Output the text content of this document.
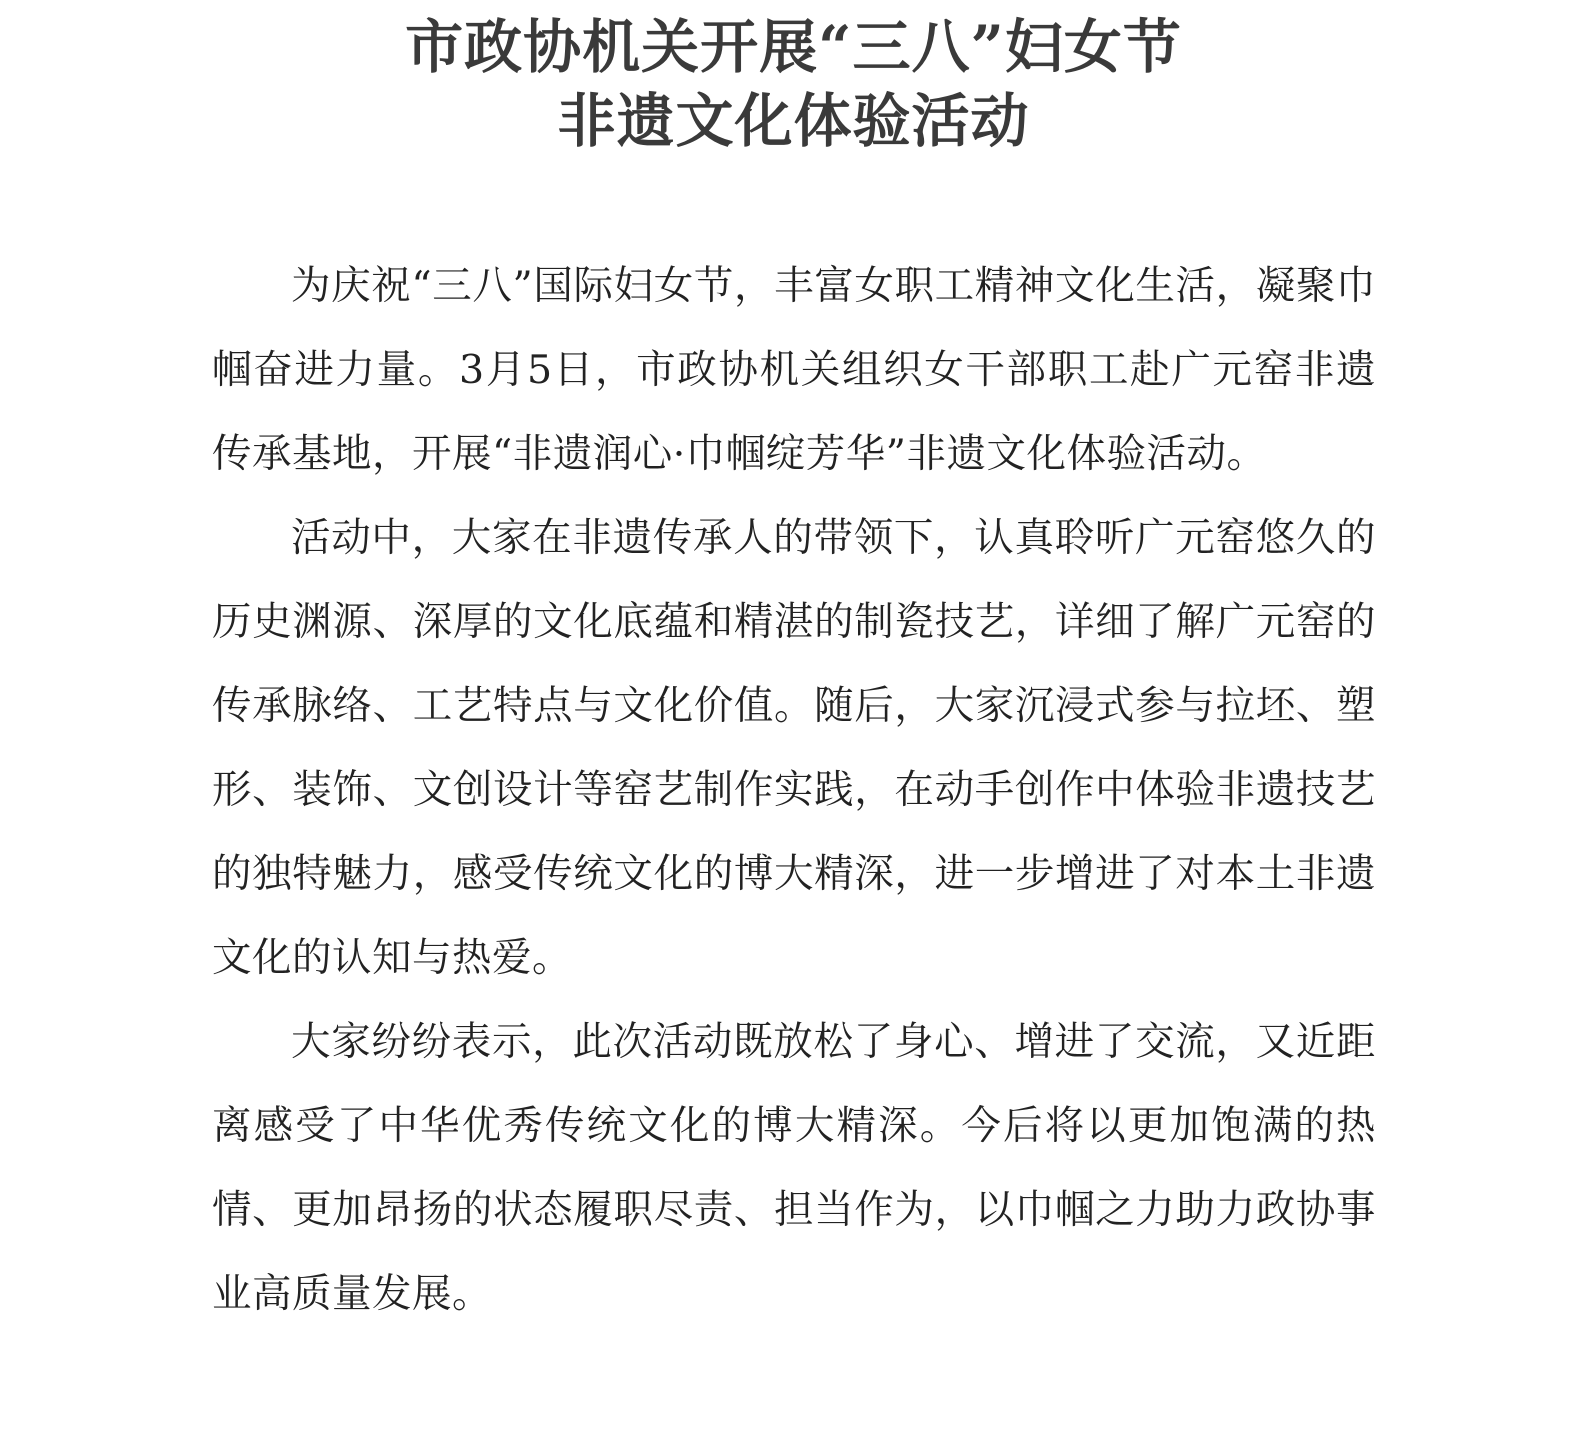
市政协机关开展“三八”妇女节
非遗文化体验活动

为庆祝“三八”国际妇女节，丰富女职工精神文化生活，凝聚巾帼奋进力量。3月5日，市政协机关组织女干部职工赴广元窑非遗传承基地，开展“非遗润心·巾帼绽芳华”非遗文化体验活动。

活动中，大家在非遗传承人的带领下，认真聆听广元窑悠久的历史渊源、深厚的文化底蕴和精湛的制瓷技艺，详细了解广元窑的传承脉络、工艺特点与文化价值。随后，大家沉浸式参与拉坯、塑形、装饰、文创设计等窑艺制作实践，在动手创作中体验非遗技艺的独特魅力，感受传统文化的博大精深，进一步增进了对本土非遗文化的认知与热爱。

大家纷纷表示，此次活动既放松了身心、增进了交流，又近距离感受了中华优秀传统文化的博大精深。今后将以更加饱满的热情、更加昂扬的状态履职尽责、担当作为，以巾帼之力助力政协事业高质量发展。
